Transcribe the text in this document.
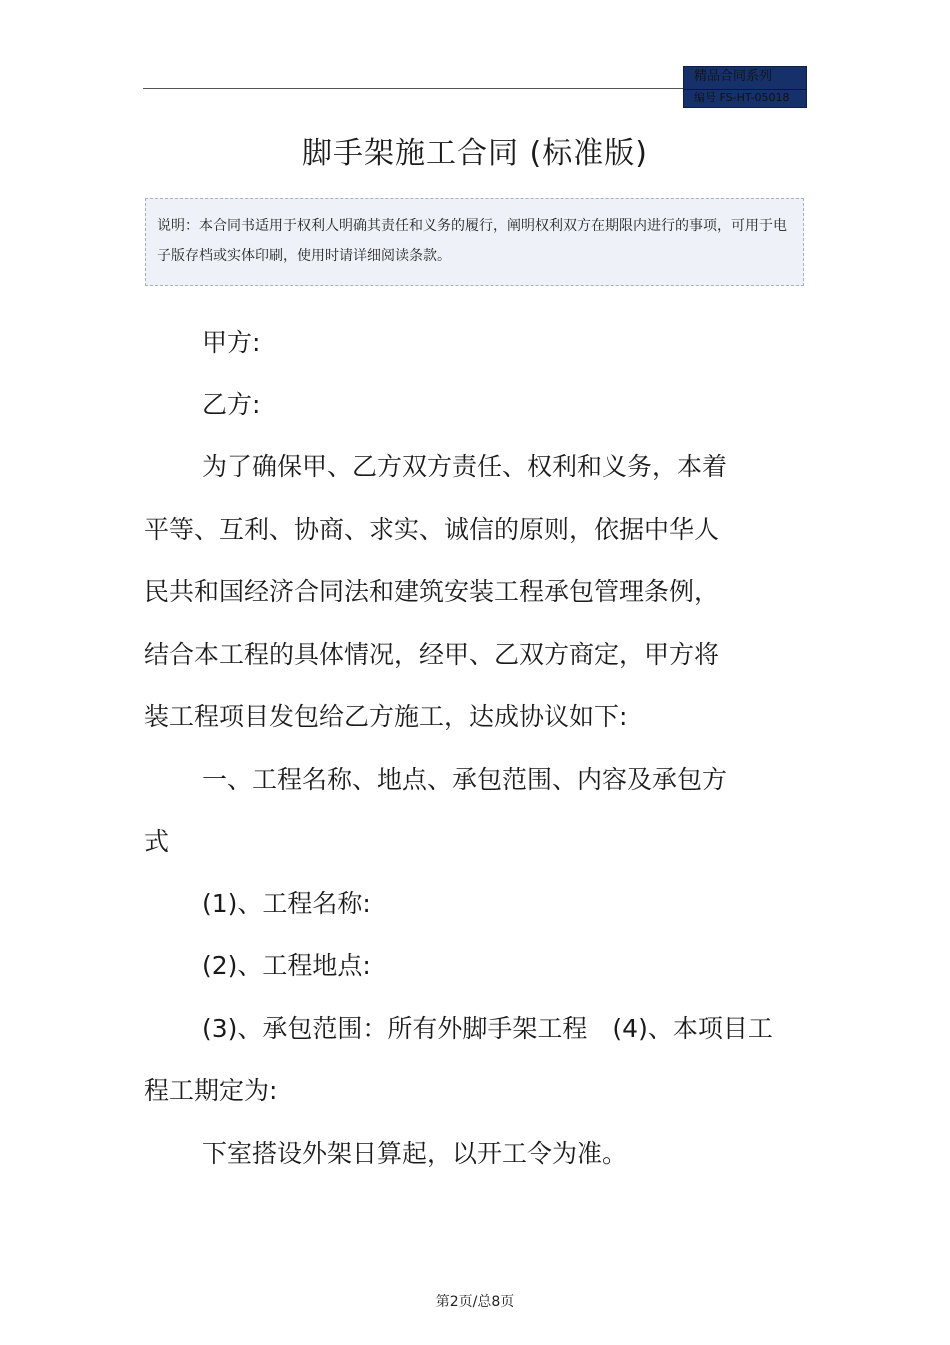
精品合同系列
编号 FS-HT-05018
脚手架施工合同 (标准版)
说明：本合同书适用于权利人明确其责任和义务的履行，阐明权利双方在期限内进行的事项，可用于电子版存档或实体印刷，使用时请详细阅读条款。
甲方:
乙方:
为了确保甲、乙方双方责任、权利和义务，本着
平等、互利、协商、求实、诚信的原则，依据中华人
民共和国经济合同法和建筑安装工程承包管理条例，
结合本工程的具体情况，经甲、乙双方商定，甲方将
装工程项目发包给乙方施工，达成协议如下:
一、工程名称、地点、承包范围、内容及承包方
式
(1)、工程名称:
(2)、工程地点:
(3)、承包范围：所有外脚手架工程　(4)、本项目工
程工期定为:
下室搭设外架日算起，以开工令为准。
第2页/总8页
